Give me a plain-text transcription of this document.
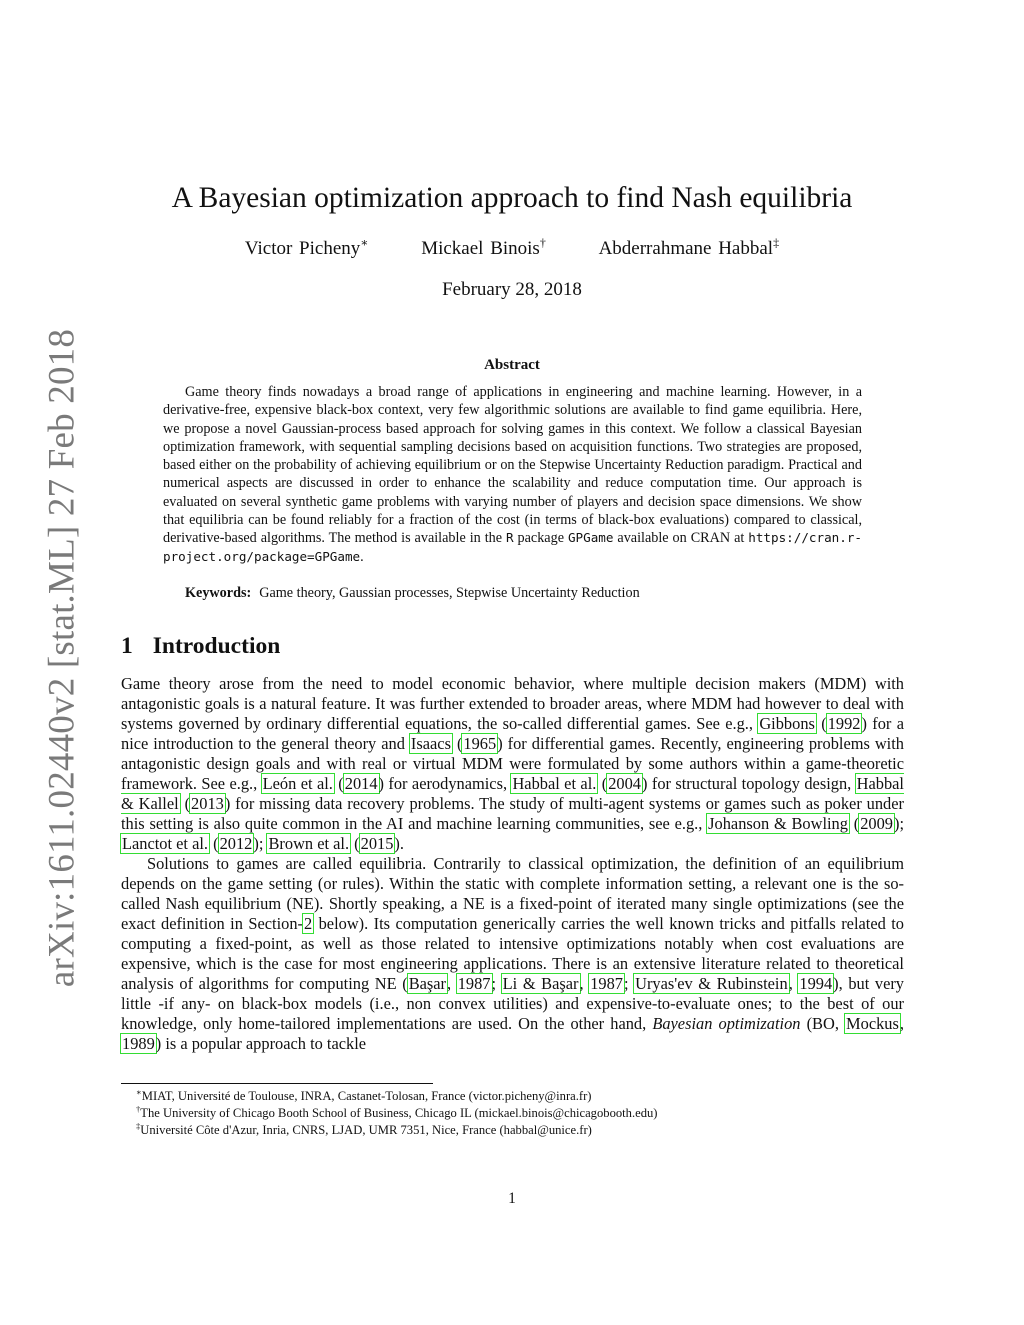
arXiv:1611.02440v2 [stat.ML] 27 Feb 2018
A Bayesian optimization approach to find Nash equilibria
Victor Picheny∗	Mickael Binois†	Abderrahmane Habbal‡
February 28, 2018
Abstract

Game theory finds nowadays a broad range of applications in engineering and machine learning. However, in a derivative-free, expensive black-box context, very few algorithmic solutions are available to find game equilibria. Here, we propose a novel Gaussian-process based approach for solving games in this context. We follow a classical Bayesian optimization framework, with sequential sampling decisions based on acquisition functions. Two strategies are proposed, based either on the probability of achieving equilibrium or on the Stepwise Uncertainty Reduction paradigm. Practical and numerical aspects are discussed in order to enhance the scalability and reduce computation time. Our approach is evaluated on several synthetic game problems with varying number of players and decision space dimensions. We show that equilibria can be found reliably for a fraction of the cost (in terms of black-box evaluations) compared to classical, derivative-based algorithms. The method is available in the R package GPGame available on CRAN at https://cran.r-project.org/package=GPGame.

Keywords: Game theory, Gaussian processes, Stepwise Uncertainty Reduction
1 Introduction

Game theory arose from the need to model economic behavior, where multiple decision makers (MDM) with antagonistic goals is a natural feature. It was further extended to broader areas, where MDM had however to deal with systems governed by ordinary differential equations, the so-called differential games. See e.g., Gibbons (1992) for a nice introduction to the general theory and Isaacs (1965) for differential games. Recently, engineering problems with antagonistic design goals and with real or virtual MDM were formulated by some authors within a game-theoretic framework. See e.g., León et al. (2014) for aerodynamics, Habbal et al. (2004) for structural topology design, Habbal & Kallel (2013) for missing data recovery problems. The study of multi-agent systems or games such as poker under this setting is also quite common in the AI and machine learning communities, see e.g., Johanson & Bowling (2009); Lanctot et al. (2012); Brown et al. (2015).

Solutions to games are called equilibria. Contrarily to classical optimization, the definition of an equilibrium depends on the game setting (or rules). Within the static with complete information setting, a relevant one is the so-called Nash equilibrium (NE). Shortly speaking, a NE is a fixed-point of iterated many single optimizations (see the exact definition in Section-2 below). Its computation generically carries the well known tricks and pitfalls related to computing a fixed-point, as well as those related to intensive optimizations notably when cost evaluations are expensive, which is the case for most engineering applications. There is an extensive literature related to theoretical analysis of algorithms for computing NE (Başar, 1987; Li & Başar, 1987; Uryas'ev & Rubinstein, 1994), but very little -if any- on black-box models (i.e., non convex utilities) and expensive-to-evaluate ones; to the best of our knowledge, only home-tailored implementations are used. On the other hand, Bayesian optimization (BO, Mockus, 1989) is a popular approach to tackle

∗MIAT, Université de Toulouse, INRA, Castanet-Tolosan, France (victor.picheny@inra.fr)
†The University of Chicago Booth School of Business, Chicago IL (mickael.binois@chicagobooth.edu)
‡Université Côte d'Azur, Inria, CNRS, LJAD, UMR 7351, Nice, France (habbal@unice.fr)
1
